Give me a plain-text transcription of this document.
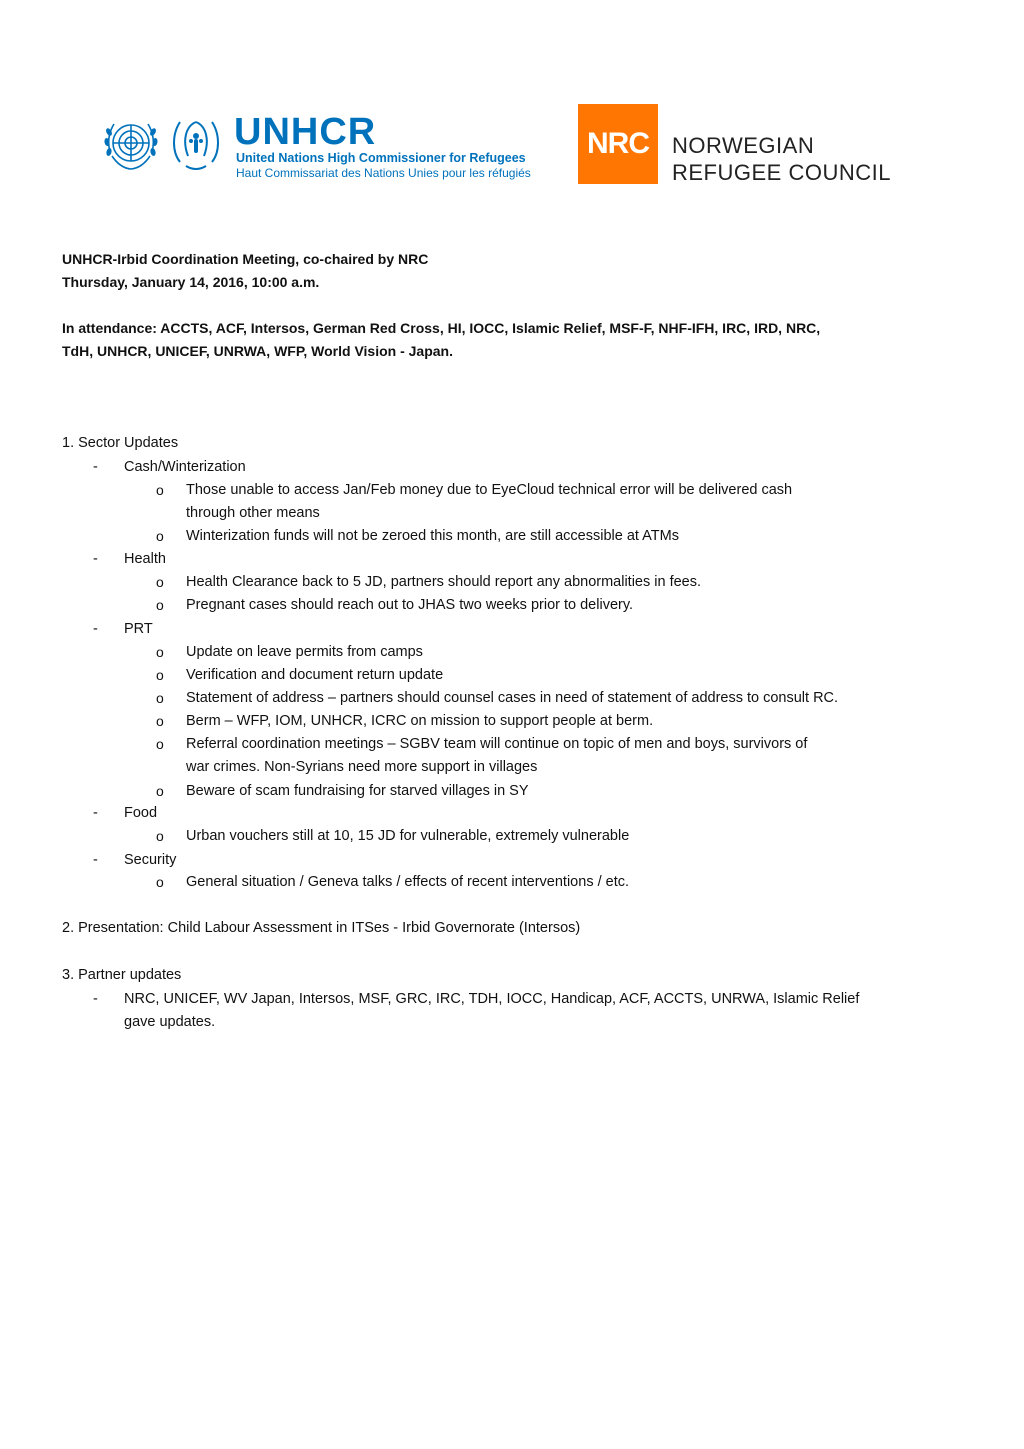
UNHCR
United Nations High Commissioner for Refugees
Haut Commissariat des Nations Unies pour les réfugiés
NRC	NORWEGIAN
REFUGEE COUNCIL
UNHCR-Irbid Coordination Meeting, co-chaired by NRC
Thursday, January 14, 2016, 10:00 a.m.
In attendance: ACCTS, ACF, Intersos, German Red Cross, HI, IOCC, Islamic Relief, MSF-F, NHF-IFH, IRC, IRD, NRC,
TdH, UNHCR, UNICEF, UNRWA, WFP, World Vision - Japan.
1. Sector Updates
- Cash/Winterization
o Those unable to access Jan/Feb money due to EyeCloud technical error will be delivered cash
through other means
o Winterization funds will not be zeroed this month, are still accessible at ATMs
- Health
o Health Clearance back to 5 JD, partners should report any abnormalities in fees.
o Pregnant cases should reach out to JHAS two weeks prior to delivery.
- PRT
o Update on leave permits from camps
o Verification and document return update
o Statement of address – partners should counsel cases in need of statement of address to consult RC.
o Berm – WFP, IOM, UNHCR, ICRC on mission to support people at berm.
o Referral coordination meetings – SGBV team will continue on topic of men and boys, survivors of
war crimes. Non-Syrians need more support in villages
o Beware of scam fundraising for starved villages in SY
- Food
o Urban vouchers still at 10, 15 JD for vulnerable, extremely vulnerable
- Security
o General situation / Geneva talks / effects of recent interventions / etc.
2. Presentation: Child Labour Assessment in ITSes - Irbid Governorate (Intersos)
3. Partner updates
- NRC, UNICEF, WV Japan, Intersos, MSF, GRC, IRC, TDH, IOCC, Handicap, ACF, ACCTS, UNRWA, Islamic Relief
gave updates.
